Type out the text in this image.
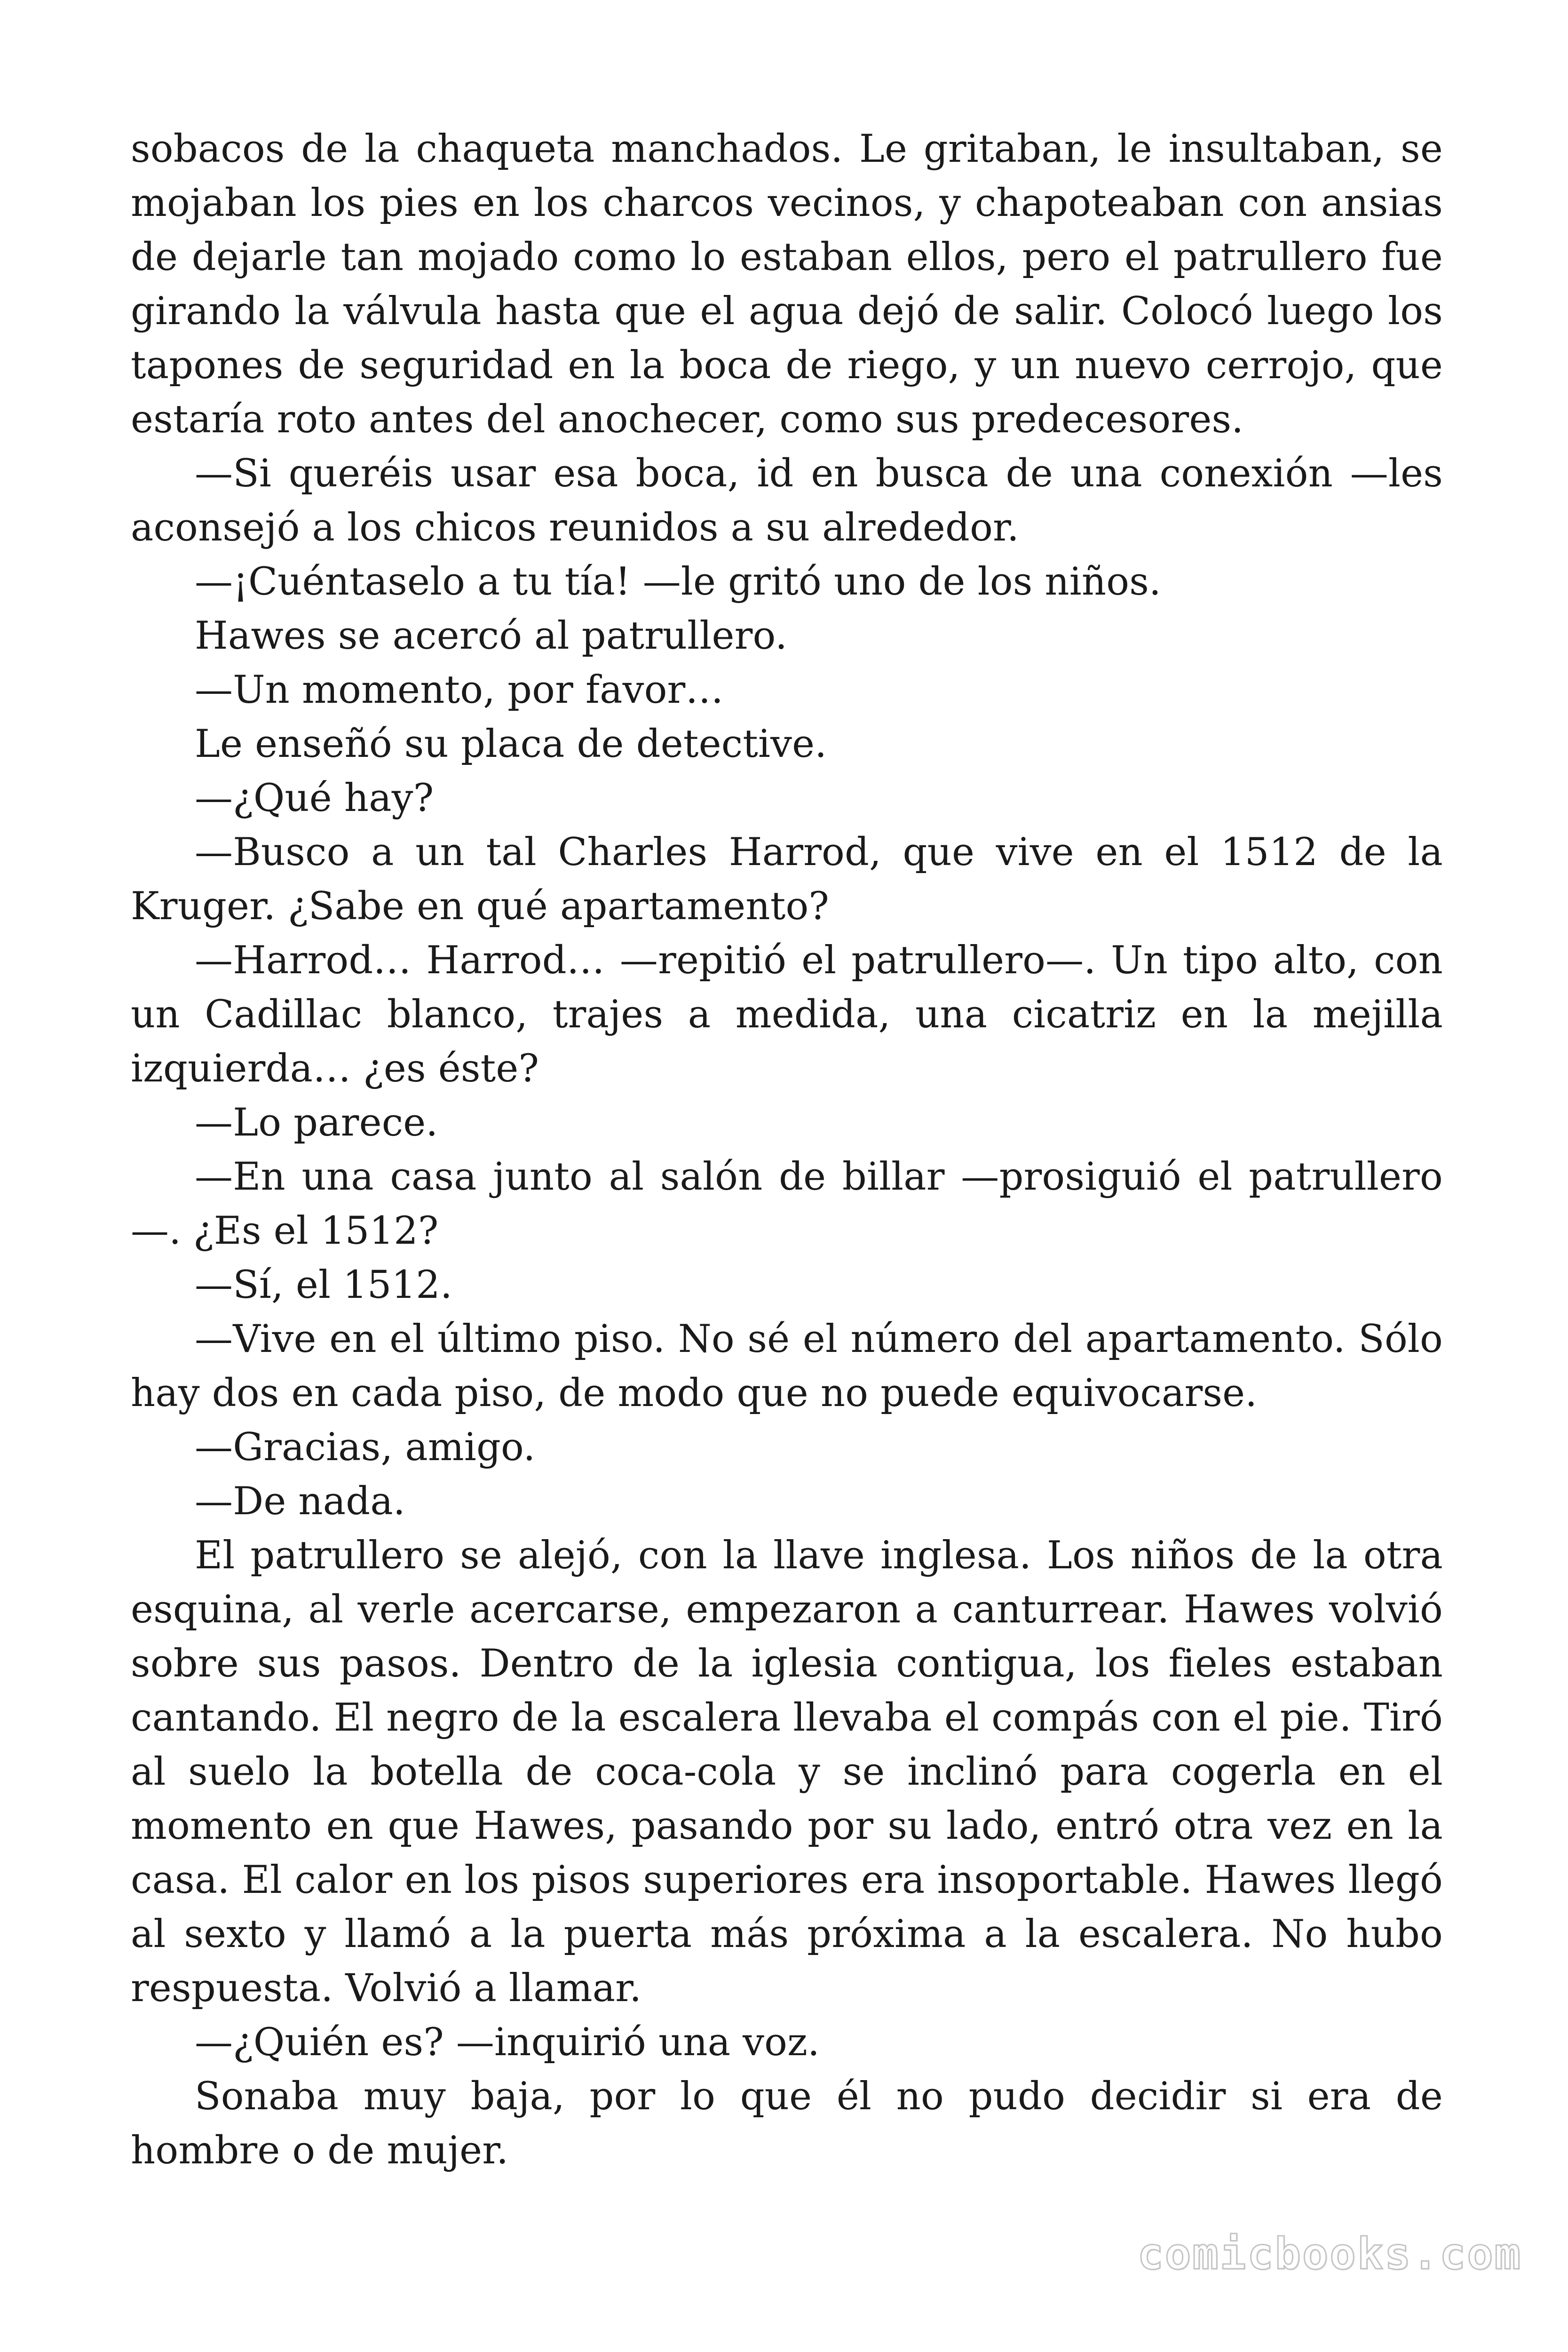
sobacos de la chaqueta manchados. Le gritaban, le insultaban, se mojaban los pies en los charcos vecinos, y chapoteaban con ansias de dejarle tan mojado como lo estaban ellos, pero el patrullero fue girando la válvula hasta que el agua dejó de salir. Colocó luego los tapones de seguridad en la boca de riego, y un nuevo cerrojo, que estaría roto antes del anochecer, como sus predecesores.

—Si queréis usar esa boca, id en busca de una conexión —les aconsejó a los chicos reunidos a su alrededor.

—¡Cuéntaselo a tu tía! —le gritó uno de los niños.

Hawes se acercó al patrullero.

—Un momento, por favor…

Le enseñó su placa de detective.

—¿Qué hay?

—Busco a un tal Charles Harrod, que vive en el 1512 de la Kruger. ¿Sabe en qué apartamento?

—Harrod… Harrod… —repitió el patrullero—. Un tipo alto, con un Cadillac blanco, trajes a medida, una cicatriz en la mejilla izquierda… ¿es éste?

—Lo parece.

—En una casa junto al salón de billar —prosiguió el patrullero —. ¿Es el 1512?

—Sí, el 1512.

—Vive en el último piso. No sé el número del apartamento. Sólo hay dos en cada piso, de modo que no puede equivocarse.

—Gracias, amigo.

—De nada.

El patrullero se alejó, con la llave inglesa. Los niños de la otra esquina, al verle acercarse, empezaron a canturrear. Hawes volvió sobre sus pasos. Dentro de la iglesia contigua, los fieles estaban cantando. El negro de la escalera llevaba el compás con el pie. Tiró al suelo la botella de coca-cola y se inclinó para cogerla en el momento en que Hawes, pasando por su lado, entró otra vez en la casa. El calor en los pisos superiores era insoportable. Hawes llegó al sexto y llamó a la puerta más próxima a la escalera. No hubo respuesta. Volvió a llamar.

—¿Quién es? —inquirió una voz.

Sonaba muy baja, por lo que él no pudo decidir si era de hombre o de mujer.

comicbooks.com
